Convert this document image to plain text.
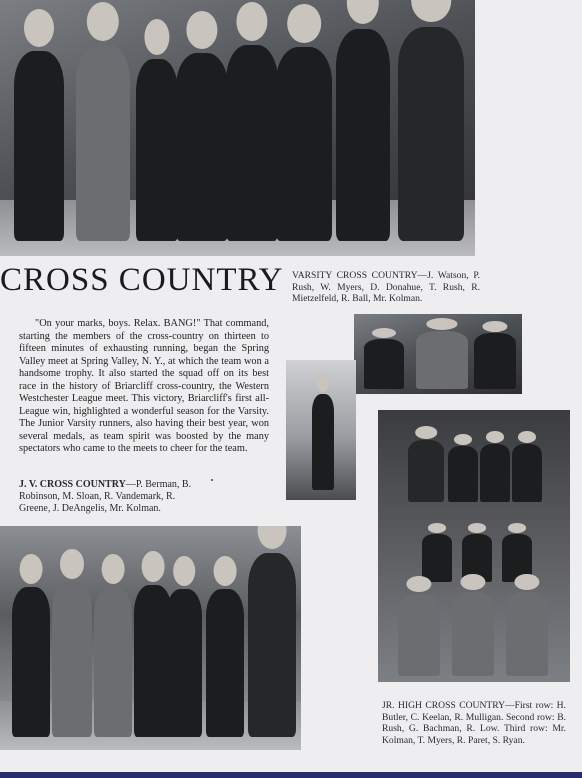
CROSS COUNTRY VARSITY CROSS COUNTRY—J. Watson, P. Rush, W. Myers, D. Donahue, T. Rush, R. Mietzelfeld, R. Ball, Mr. Kolman.
"On your marks, boys. Relax. BANG!" That command, starting the members of the cross-country on thirteen to fifteen minutes of exhausting running, began the Spring Valley meet at Spring Valley, N. Y., at which the team won a handsome trophy. It also started the squad off on its best race in the history of Briarcliff cross-country, the Western Westchester League meet. This victory, Briarcliff's first all-League win, highlighted a wonderful season for the Varsity. The Junior Varsity runners, also having their best year, won several medals, as team spirit was boosted by the many spectators who came to the meets to cheer for the team.
J. V. CROSS COUNTRY—P. Berman, B. Robinson, M. Sloan, R. Vandemark, R. Greene, J. DeAngelis, Mr. Kolman.
JR. HIGH CROSS COUNTRY—First row: H. Butler, C. Keelan, R. Mulligan. Second row: B. Rush, G. Bachman, R. Low. Third row: Mr. Kolman, T. Myers, R. Paret, S. Ryan.
